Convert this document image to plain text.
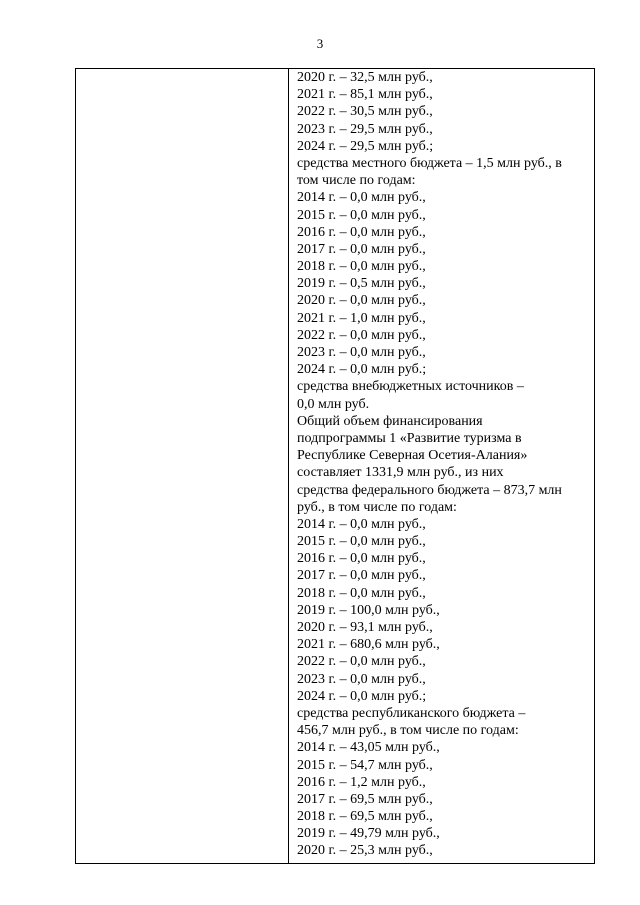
3
2020 г. – 32,5 млн руб.,
2021 г. – 85,1 млн руб.,
2022 г. – 30,5 млн руб.,
2023 г. – 29,5 млн руб.,
2024 г. – 29,5 млн руб.;
средства местного бюджета – 1,5 млн руб., в
том числе по годам:
2014 г. – 0,0 млн руб.,
2015 г. – 0,0 млн руб.,
2016 г. – 0,0 млн руб.,
2017 г. – 0,0 млн руб.,
2018 г. – 0,0 млн руб.,
2019 г. – 0,5 млн руб.,
2020 г. – 0,0 млн руб.,
2021 г. – 1,0 млн руб.,
2022 г. – 0,0 млн руб.,
2023 г. – 0,0 млн руб.,
2024 г. – 0,0 млн руб.;
средства внебюджетных источников –
0,0 млн руб.
Общий объем финансирования
подпрограммы 1 «Развитие туризма в
Республике Северная Осетия-Алания»
составляет 1331,9 млн руб., из них
средства федерального бюджета – 873,7 млн
руб., в том числе по годам:
2014 г. – 0,0 млн руб.,
2015 г. – 0,0 млн руб.,
2016 г. – 0,0 млн руб.,
2017 г. – 0,0 млн руб.,
2018 г. – 0,0 млн руб.,
2019 г. – 100,0 млн руб.,
2020 г. – 93,1 млн руб.,
2021 г. – 680,6 млн руб.,
2022 г. – 0,0 млн руб.,
2023 г. – 0,0 млн руб.,
2024 г. – 0,0 млн руб.;
средства республиканского бюджета –
456,7 млн руб., в том числе по годам:
2014 г. – 43,05 млн руб.,
2015 г. – 54,7 млн руб.,
2016 г. – 1,2 млн руб.,
2017 г. – 69,5 млн руб.,
2018 г. – 69,5 млн руб.,
2019 г. – 49,79 млн руб.,
2020 г. – 25,3 млн руб.,
